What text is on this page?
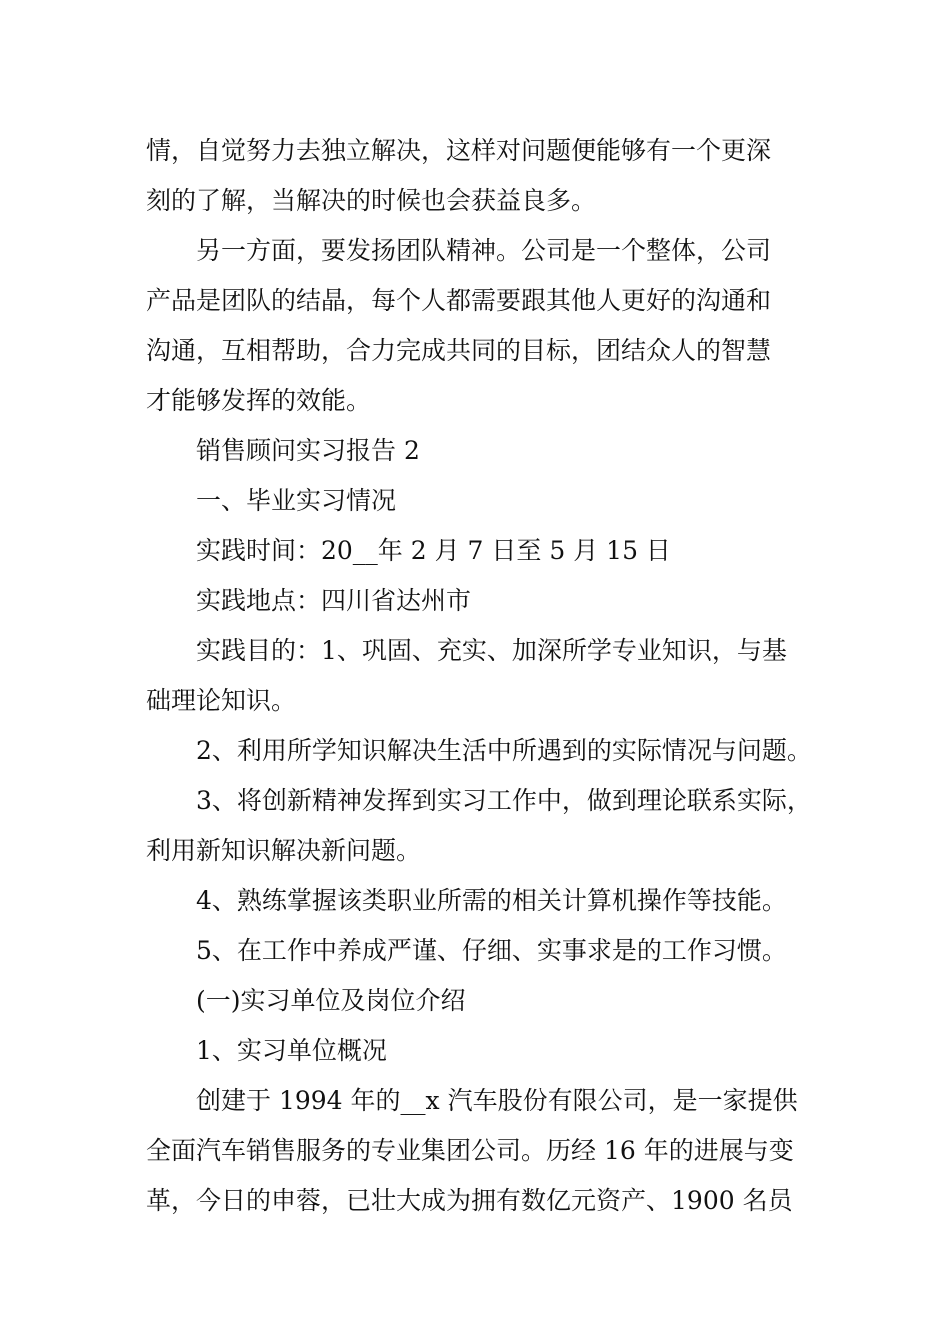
情，自觉努力去独立解决，这样对问题便能够有一个更深
刻的了解，当解决的时候也会获益良多。
另一方面，要发扬团队精神。公司是一个整体，公司
产品是团队的结晶，每个人都需要跟其他人更好的沟通和
沟通，互相帮助，合力完成共同的目标，团结众人的智慧
才能够发挥的效能。
销售顾问实习报告 2
一、毕业实习情况
实践时间：20__年 2 月 7 日至 5 月 15 日
实践地点：四川省达州市
实践目的：1、巩固、充实、加深所学专业知识，与基
础理论知识。
2、利用所学知识解决生活中所遇到的实际情况与问题。
3、将创新精神发挥到实习工作中，做到理论联系实际，
利用新知识解决新问题。
4、熟练掌握该类职业所需的相关计算机操作等技能。
5、在工作中养成严谨、仔细、实事求是的工作习惯。
(一)实习单位及岗位介绍
1、实习单位概况
创建于 1994 年的__x 汽车股份有限公司，是一家提供
全面汽车销售服务的专业集团公司。历经 16 年的进展与变
革，今日的申蓉，已壮大成为拥有数亿元资产、1900 名员
